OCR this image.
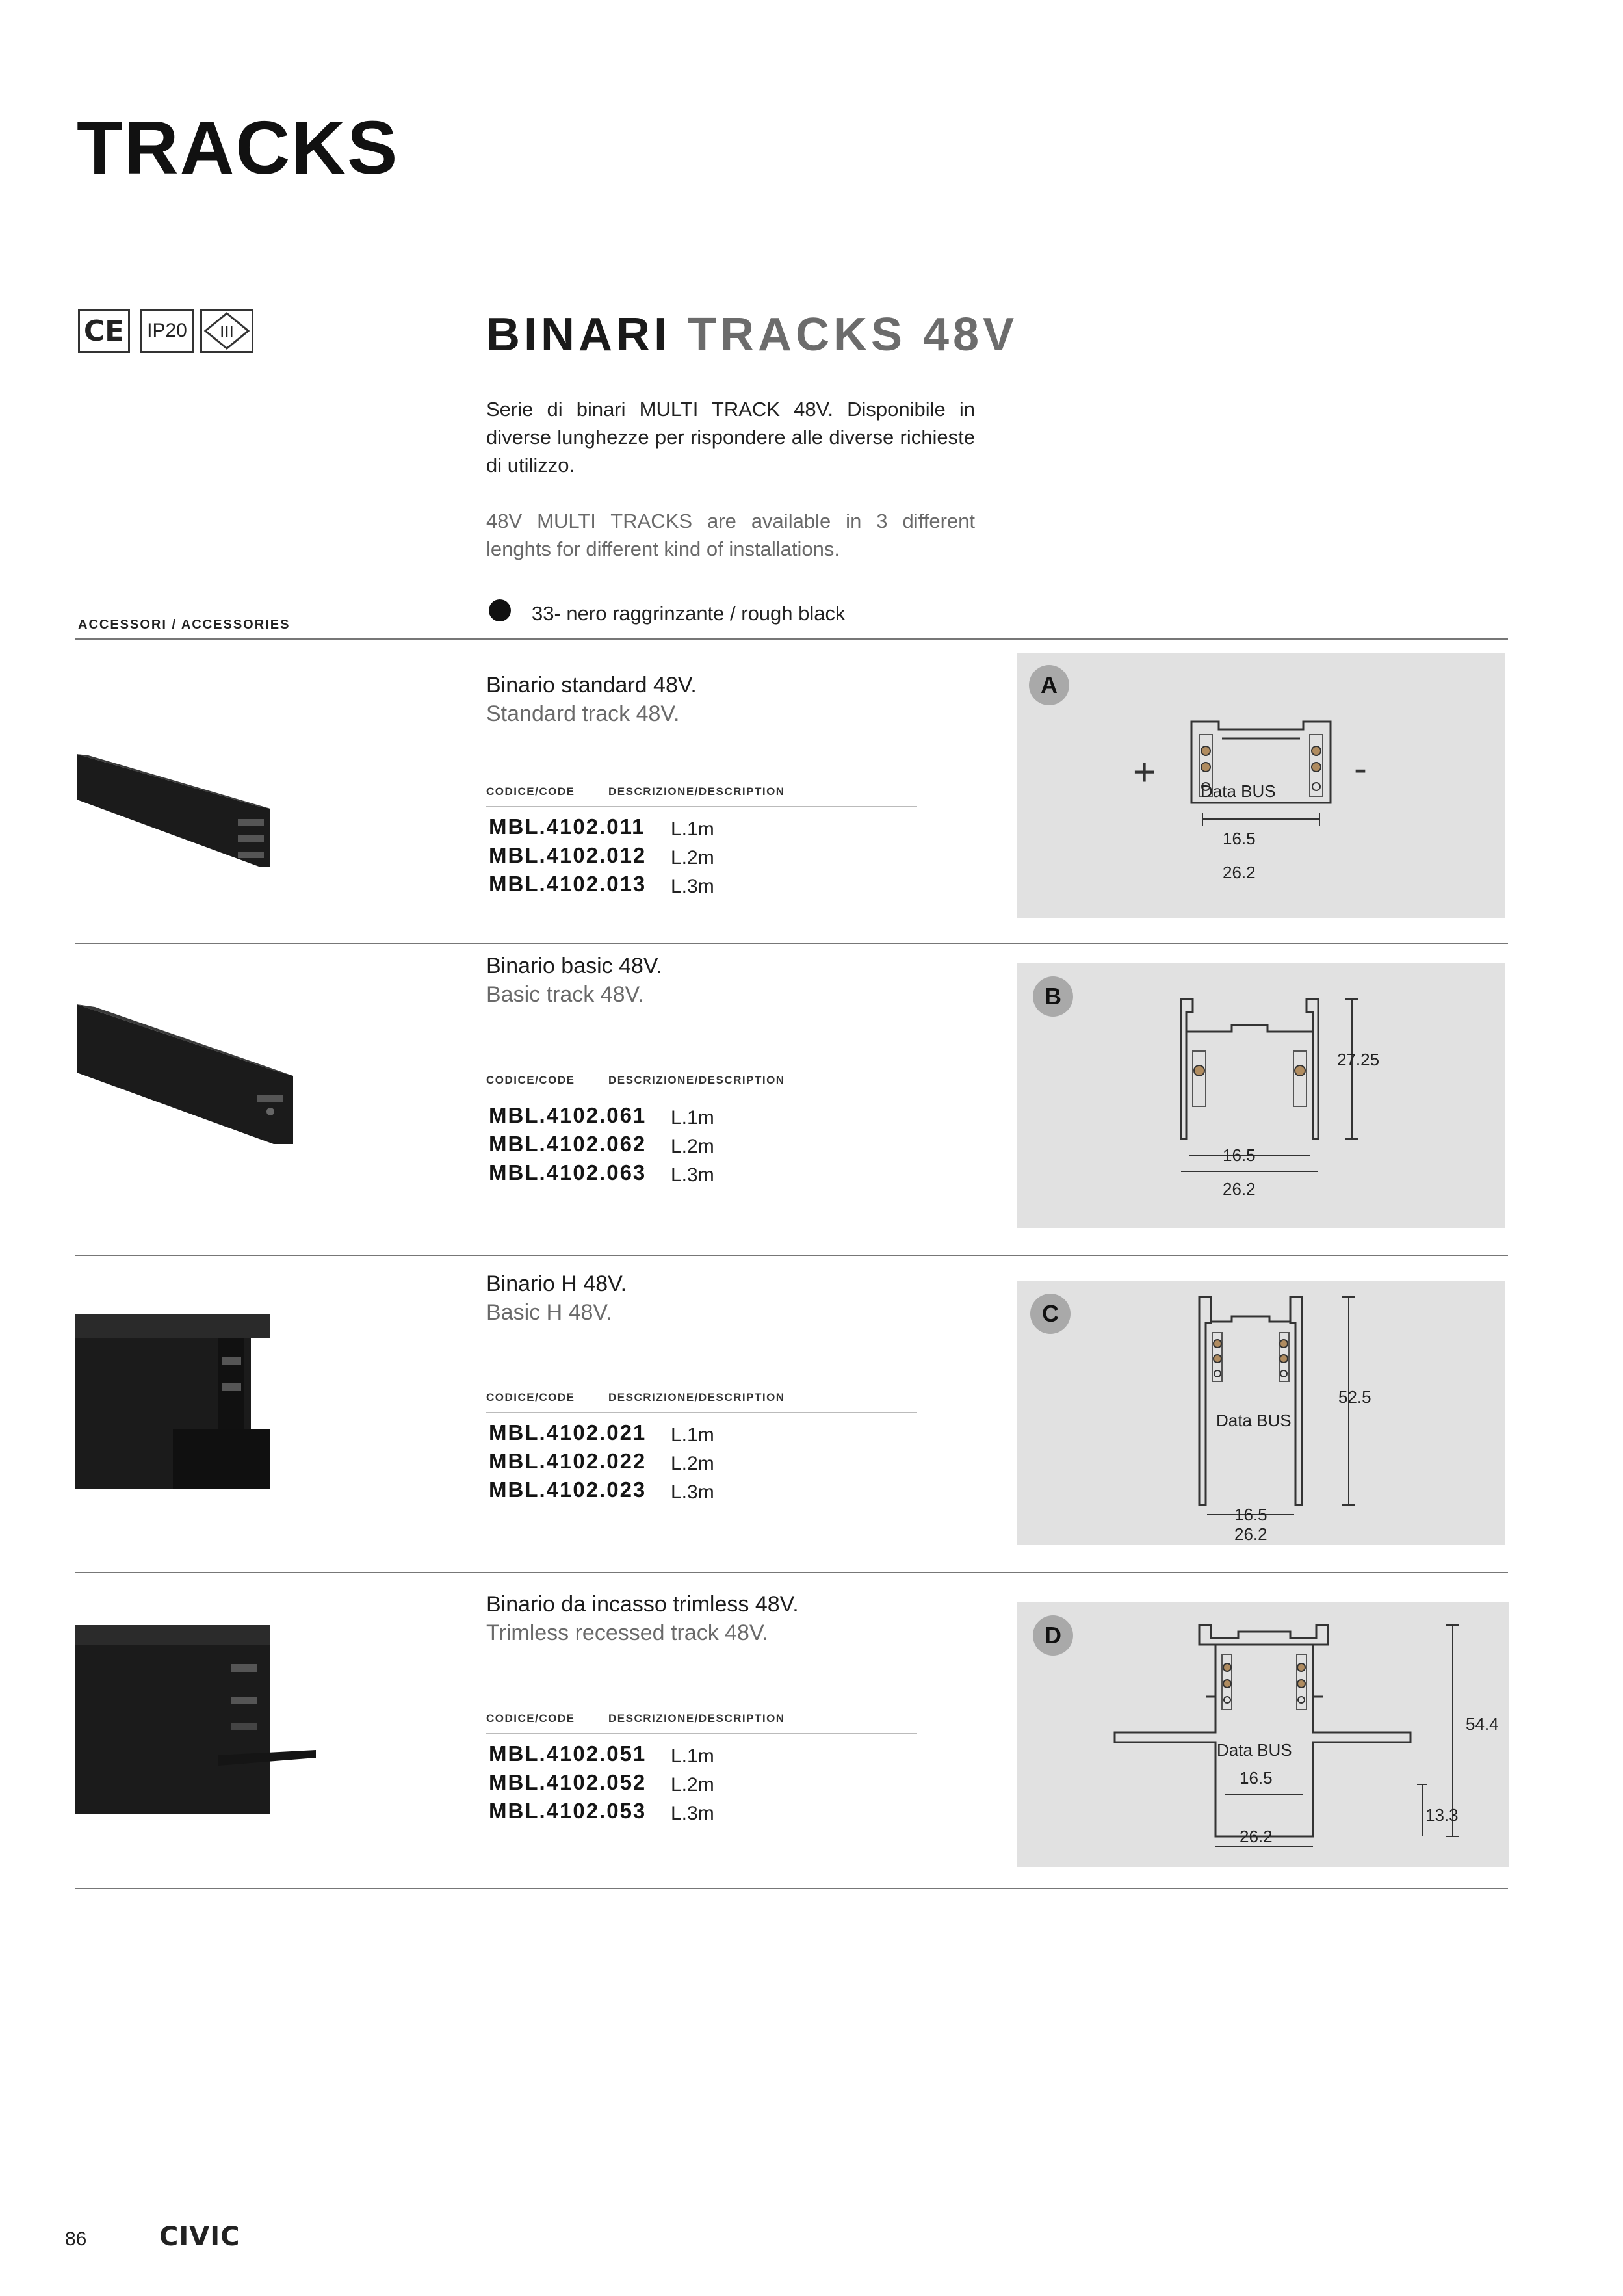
TRACKS
CE	IP20	III	BINARI TRACKS 48V
Serie di binari MULTI TRACK 48V. Disponibile in diverse lunghezze per rispondere alle diverse richieste di utilizzo.
48V MULTI TRACKS are available in 3 different lenghts for different kind of installations.
ACCESSORI / ACCESSORIES	33- nero raggrinzante / rough black
Binario standard 48V.
Standard track 48V.
CODICE/CODE	DESCRIZIONE/DESCRIPTION
MBL.4102.011 L.1m
MBL.4102.012 L.2m
MBL.4102.013 L.3m
A
+	-
Data BUS
16.5
26.2
Binario basic 48V.
Basic track 48V.
CODICE/CODE	DESCRIZIONE/DESCRIPTION
MBL.4102.061 L.1m
MBL.4102.062 L.2m
MBL.4102.063 L.3m
B
27.25
16.5
26.2
Binario H 48V.
Basic H 48V.
CODICE/CODE	DESCRIZIONE/DESCRIPTION
MBL.4102.021 L.1m
MBL.4102.022 L.2m
MBL.4102.023 L.3m
C
Data BUS
52.5
16.5
26.2
Binario da incasso trimless 48V.
Trimless recessed track 48V.
CODICE/CODE	DESCRIZIONE/DESCRIPTION
MBL.4102.051 L.1m
MBL.4102.052 L.2m
MBL.4102.053 L.3m
D
Data BUS
16.5
26.2
54.4
13.3
86	CIVIC
